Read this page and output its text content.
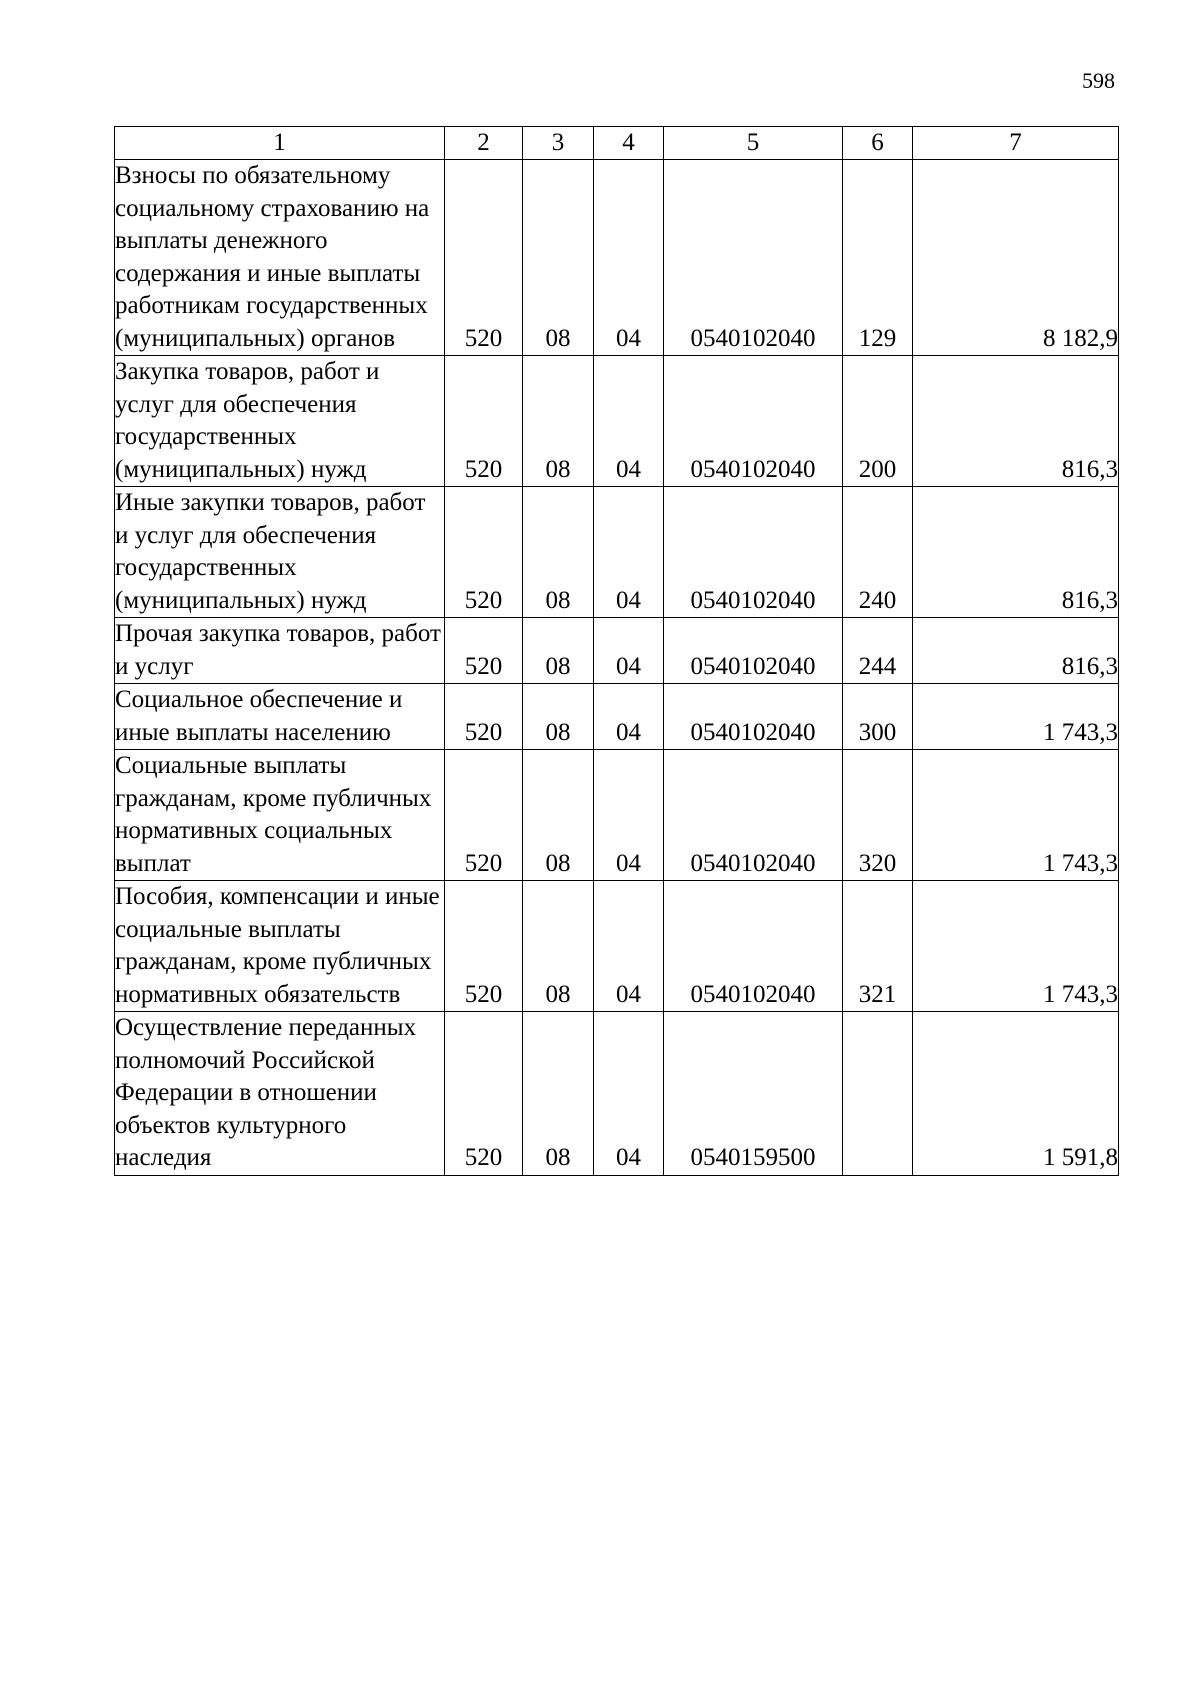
598
1	2	3	4	5	6	7
Взносы по обязательному социальному страхованию на выплаты денежного содержания и иные выплаты работникам государственных (муниципальных) органов	520	08	04	0540102040	129	8 182,9
Закупка товаров, работ и услуг для обеспечения государственных (муниципальных) нужд	520	08	04	0540102040	200	816,3
Иные закупки товаров, работ и услуг для обеспечения государственных (муниципальных) нужд	520	08	04	0540102040	240	816,3
Прочая закупка товаров, работ и услуг	520	08	04	0540102040	244	816,3
Социальное обеспечение и иные выплаты населению	520	08	04	0540102040	300	1 743,3
Социальные выплаты гражданам, кроме публичных нормативных социальных выплат	520	08	04	0540102040	320	1 743,3
Пособия, компенсации и иные социальные выплаты гражданам, кроме публичных нормативных обязательств	520	08	04	0540102040	321	1 743,3
Осуществление переданных полномочий Российской Федерации в отношении объектов культурного наследия	520	08	04	0540159500		1 591,8
